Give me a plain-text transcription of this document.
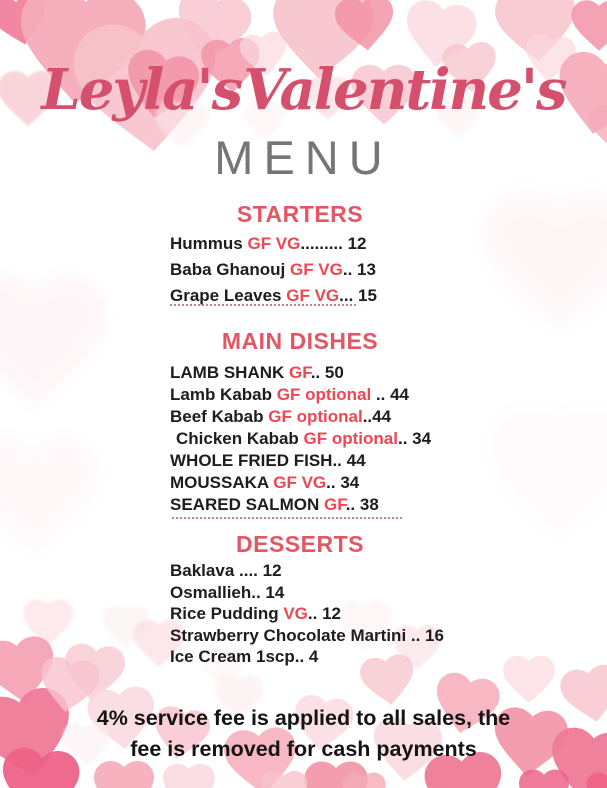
Leyla'sValentine's
MENU
STARTERS
Hummus GF VG......... 12
Baba Ghanouj GF VG.. 13
Grape Leaves GF VG... 15
MAIN DISHES
LAMB SHANK GF.. 50
Lamb Kabab GF optional .. 44
Beef Kabab GF optional..44
Chicken Kabab GF optional.. 34
WHOLE FRIED FISH.. 44
MOUSSAKA GF VG.. 34
SEARED SALMON GF.. 38
DESSERTS
Baklava .... 12
Osmallieh.. 14
Rice Pudding VG.. 12
Strawberry Chocolate Martini .. 16
Ice Cream 1scp.. 4
4% service fee is applied to all sales, the
fee is removed for cash payments
